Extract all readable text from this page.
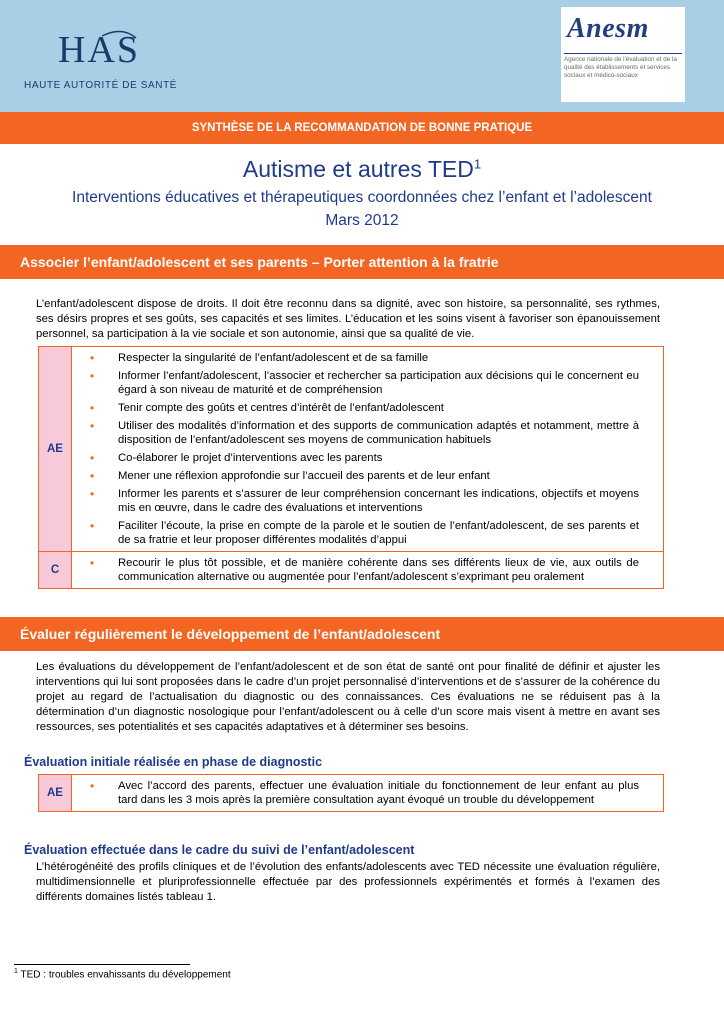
HAS
HAUTE AUTORITÉ DE SANTÉ
Anesm
Agence nationale de l'évaluation et de la qualité des établissements et services sociaux et médico-sociaux
SYNTHÈSE DE LA RECOMMANDATION DE BONNE PRATIQUE
Autisme et autres TED$^1$
Interventions éducatives et thérapeutiques coordonnées chez l’enfant et l’adolescent
Mars 2012
Associer l’enfant/adolescent et ses parents – Porter attention à la fratrie
L’enfant/adolescent dispose de droits. Il doit être reconnu dans sa dignité, avec son histoire, sa personnalité, ses rythmes, ses désirs propres et ses goûts, ses capacités et ses limites. L’éducation et les soins visent à favoriser son épanouissement personnel, sa participation à la vie sociale et son autonomie, ainsi que sa qualité de vie.
AE
• Respecter la singularité de l’enfant/adolescent et de sa famille
• Informer l’enfant/adolescent, l’associer et rechercher sa participation aux décisions qui le concernent eu égard à son niveau de maturité et de compréhension
• Tenir compte des goûts et centres d’intérêt de l’enfant/adolescent
• Utiliser des modalités d’information et des supports de communication adaptés et notamment, mettre à disposition de l’enfant/adolescent ses moyens de communication habituels
• Co-élaborer le projet d’interventions avec les parents
• Mener une réflexion approfondie sur l’accueil des parents et de leur enfant
• Informer les parents et s’assurer de leur compréhension concernant les indications, objectifs et moyens mis en œuvre, dans le cadre des évaluations et interventions
• Faciliter l’écoute, la prise en compte de la parole et le soutien de l’enfant/adolescent, de ses parents et de sa fratrie et leur proposer différentes modalités d’appui
C
• Recourir le plus tôt possible, et de manière cohérente dans ses différents lieux de vie, aux outils de communication alternative ou augmentée pour l’enfant/adolescent s’exprimant peu oralement
Évaluer régulièrement le développement de l’enfant/adolescent
Les évaluations du développement de l’enfant/adolescent et de son état de santé ont pour finalité de définir et ajuster les interventions qui lui sont proposées dans le cadre d’un projet personnalisé d’interventions et de s’assurer de la cohérence du projet au regard de l’actualisation du diagnostic ou des connaissances. Ces évaluations ne se réduisent pas à la détermination d’un diagnostic nosologique pour l’enfant/adolescent ou à celle d’un score mais visent à mettre en avant ses ressources, ses potentialités et ses capacités adaptatives et à déterminer ses besoins.
Évaluation initiale réalisée en phase de diagnostic
AE
• Avec l’accord des parents, effectuer une évaluation initiale du fonctionnement de leur enfant au plus tard dans les 3 mois après la première consultation ayant évoqué un trouble du développement
Évaluation effectuée dans le cadre du suivi de l’enfant/adolescent
L’hétérogénéité des profils cliniques et de l’évolution des enfants/adolescents avec TED nécessite une évaluation régulière, multidimensionnelle et pluriprofessionnelle effectuée par des professionnels expérimentés et formés à l’examen des différents domaines listés tableau 1.
$^1$ TED : troubles envahissants du développement
